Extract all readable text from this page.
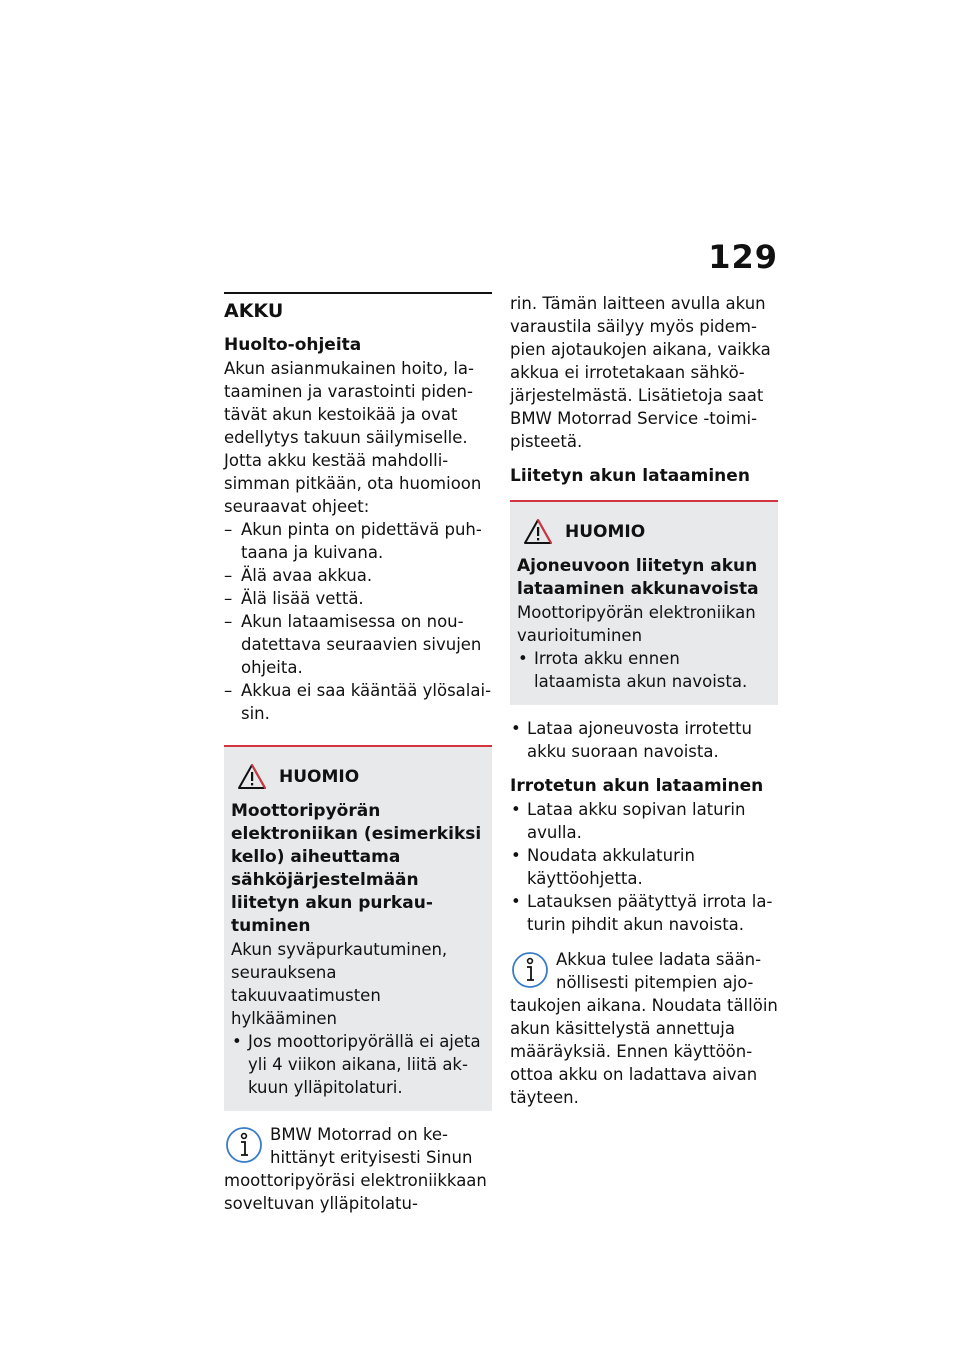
129
AKKU
Huolto-ohjeita

Akun asianmukainen hoito, lataaminen ja varastointi pidentävät akun kestoikää ja ovat edellytys takuun säilymiselle.

Jotta akku kestää mahdollisimman pitkään, ota huomioon seuraavat ohjeet:

– Akun pinta on pidettävä puhtaana ja kuivana.
– Älä avaa akkua.
– Älä lisää vettä.
– Akun lataamisessa on noudatettava seuraavien sivujen ohjeita.
– Akkua ei saa kääntää ylösalaisin.
HUOMIO
Moottoripyörän elektroniikan (esimerkiksi kello) aiheuttama sähköjärjestelmään liitetyn akun purkautuminen

Akun syväpurkautuminen, seurauksena takuuvaatimusten hylkääminen

• Jos moottoripyörällä ei ajeta yli 4 viikon aikana, liitä akkuun ylläpitolaturi.

BMW Motorrad on kehittänyt erityisesti Sinun moottoripyöräsi elektroniikkaan soveltuvan ylläpitolatu-

rin. Tämän laitteen avulla akun varaustila säilyy myös pidempien ajotaukojen aikana, vaikka akkua ei irrotetakaan sähköjärjestelmästä. Lisätietoja saat BMW Motorrad Service -toimipisteetä.

Liitetyn akun lataaminen
HUOMIO
Ajoneuvoon liitetyn akun lataaminen akkunavoista

Moottoripyörän elektroniikan vaurioituminen

• Irrota akku ennen lataamista akun navoista.
• Lataa ajoneuvosta irrotettu akku suoraan navoista.
Irrotetun akun lataaminen
• Lataa akku sopivan laturin avulla.
• Noudata akkulaturin käyttöohjetta.
• Latauksen päätyttyä irrota laturin pihdit akun navoista.

Akkua tulee ladata säännöllisesti pitempien ajotaukojen aikana. Noudata tällöin akun käsittelystä annettuja määräyksiä. Ennen käyttöönottoa akku on ladattava aivan täyteen.
